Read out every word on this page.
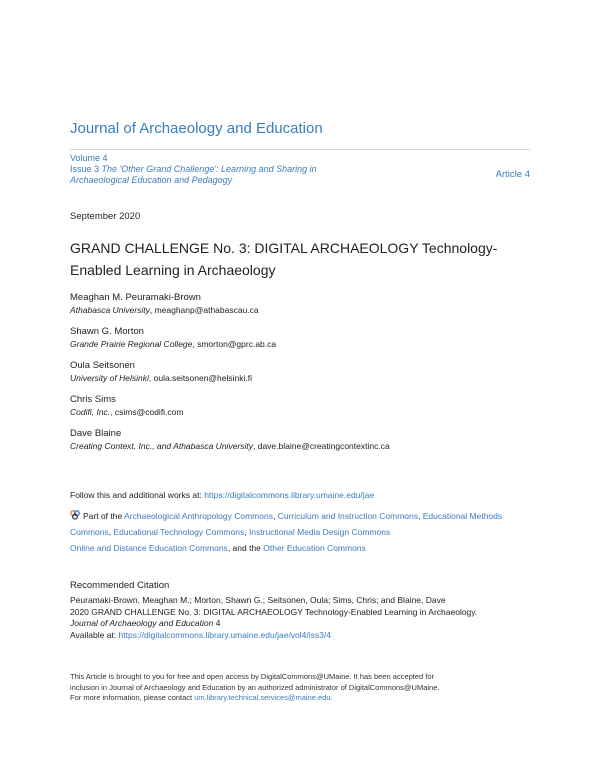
Journal of Archaeology and Education
Volume 4
Issue 3 The 'Other Grand Challenge': Learning and Sharing in Archaeological Education and Pedagogy	Article 4
September 2020
GRAND CHALLENGE No. 3: DIGITAL ARCHAEOLOGY Technology-Enabled Learning in Archaeology
Meaghan M. Peuramaki-Brown
Athabasca University, meaghanp@athabascau.ca
Shawn G. Morton
Grande Prairie Regional College, smorton@gprc.ab.ca
Oula Seitsonen
University of Helsinki, oula.seitsonen@helsinki.fi
Chris Sims
Codifi, Inc., csims@codifi.com
Dave Blaine
Creating Context, Inc., and Athabasca University, dave.blaine@creatingcontextinc.ca
Follow this and additional works at: https://digitalcommons.library.umaine.edu/jae
Part of the Archaeological Anthropology Commons, Curriculum and Instruction Commons, Educational Methods Commons, Educational Technology Commons, Instructional Media Design Commons
Online and Distance Education Commons, and the Other Education Commons
Recommended Citation
Peuramaki-Brown, Meaghan M.; Morton, Shawn G.; Seitsonen, Oula; Sims, Chris; and Blaine, Dave
2020 GRAND CHALLENGE No. 3: DIGITAL ARCHAEOLOGY Technology-Enabled Learning in Archaeology.
Journal of Archaeology and Education 4
Available at: https://digitalcommons.library.umaine.edu/jae/vol4/iss3/4
This Article is brought to you for free and open access by DigitalCommons@UMaine. It has been accepted for
inclusion in Journal of Archaeology and Education by an authorized administrator of DigitalCommons@UMaine.
For more information, please contact um.library.technical.services@maine.edu.
